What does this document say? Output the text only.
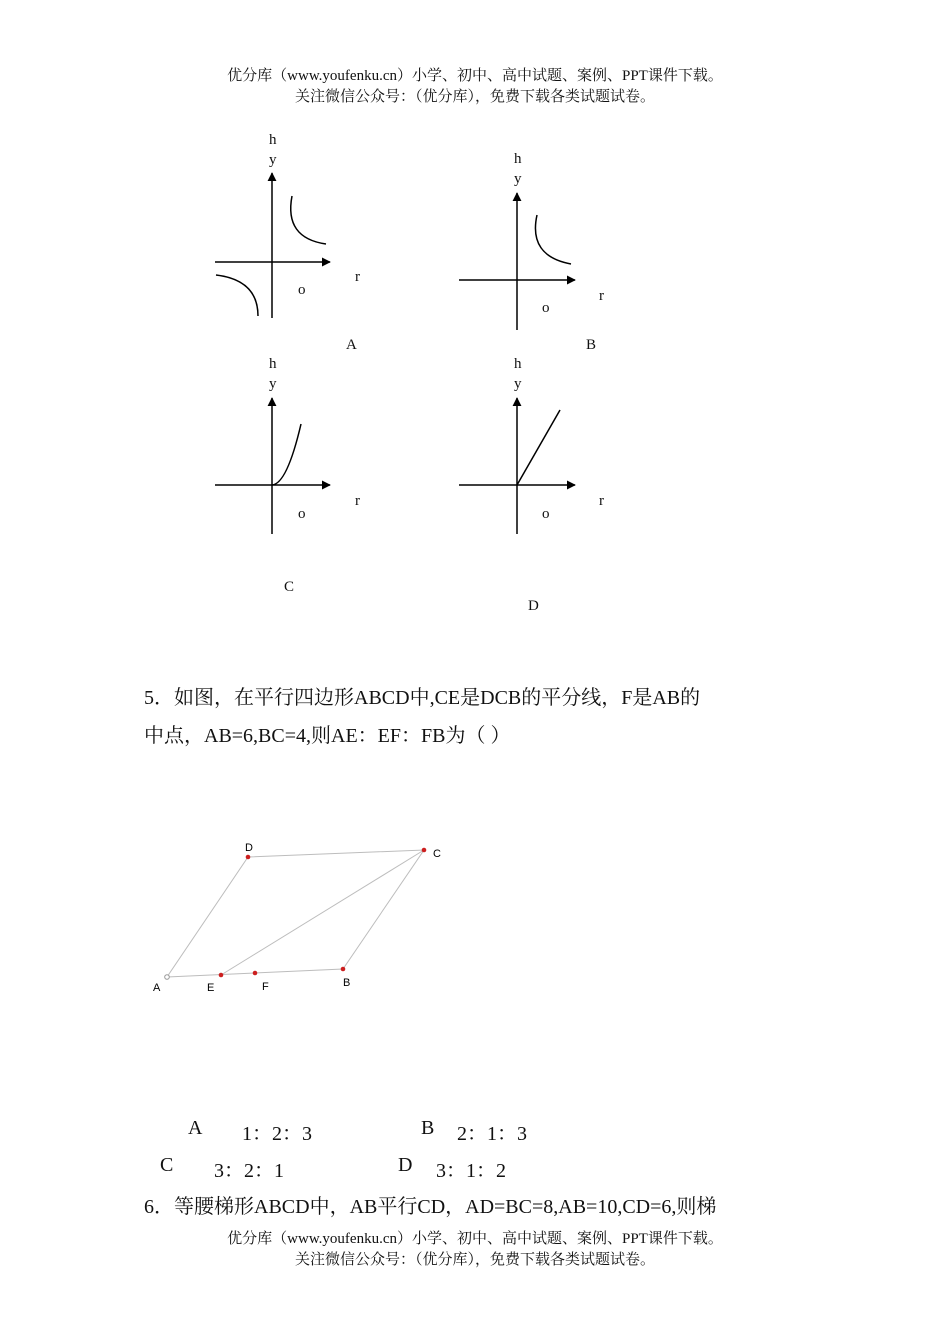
优分库（www.youfenku.cn）小学、初中、高中试题、案例、PPT课件下载。
关注微信公众号：（优分库），免费下载各类试题试卷。
A	B
C
D
E	F
h
y
r
o
A
h
y
r
o
B
h
y
r
o
C
h
y
r
o
D
5．如图，在平行四边形ABCD中,CE是DCB的平分线，F是AB的
中点，AB=6,BC=4,则AE：EF：FB为（ ）
A 1：2：3	B 2：1：3
C 3：2：1	D 3：1：2
6．等腰梯形ABCD中，AB平行CD，AD=BC=8,AB=10,CD=6,则梯
优分库（www.youfenku.cn）小学、初中、高中试题、案例、PPT课件下载。
关注微信公众号：（优分库），免费下载各类试题试卷。
